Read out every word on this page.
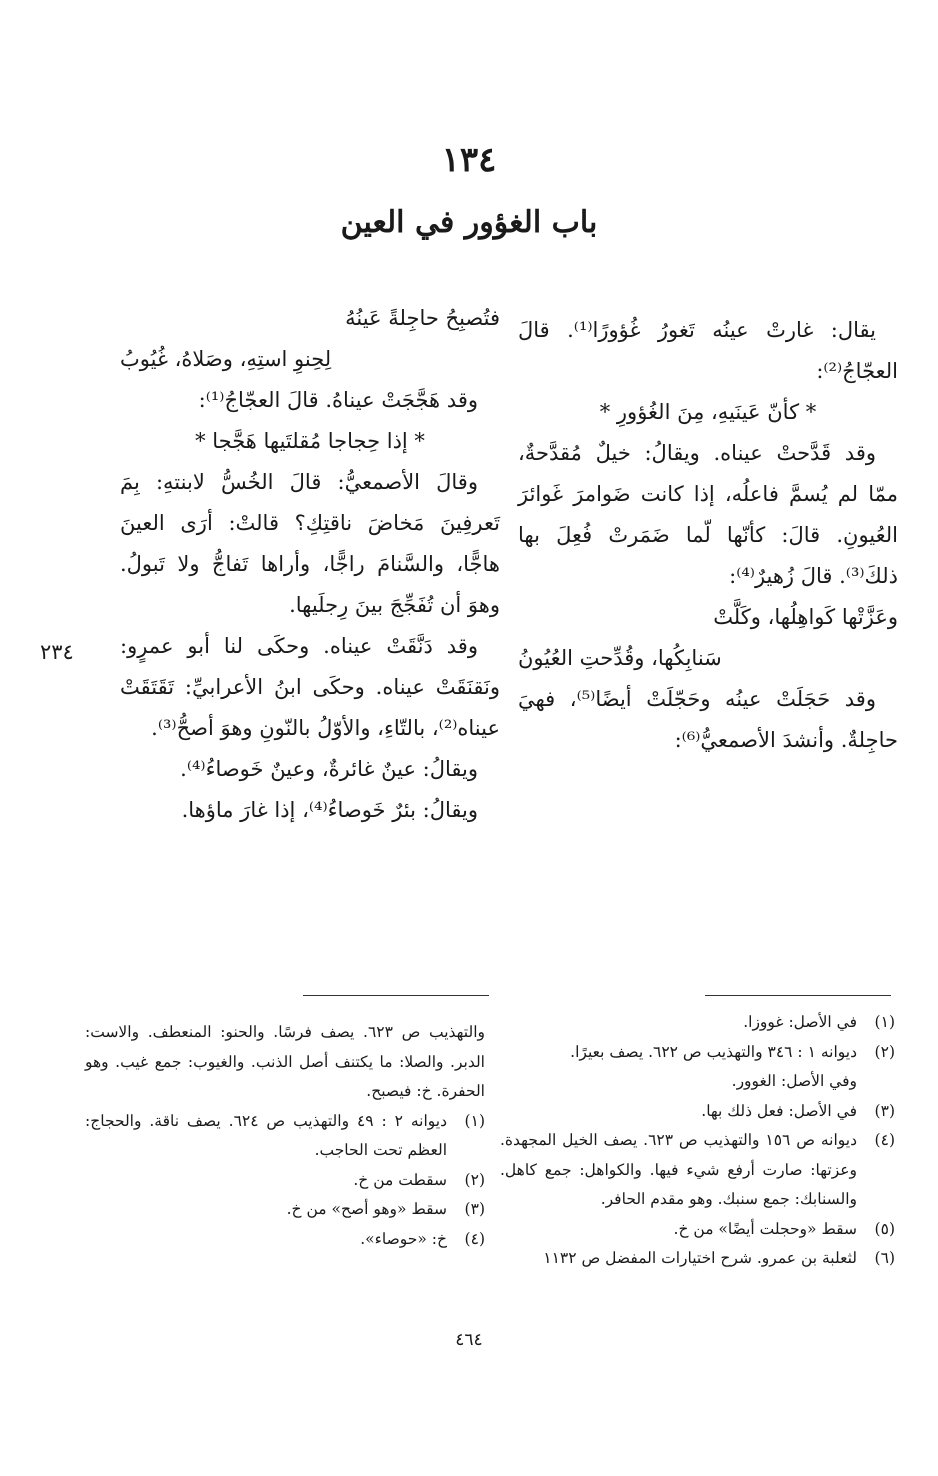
١٣٤
باب الغؤور في العين

يقال: غارتْ عينُه تَغورُ غُؤورًا⁽¹⁾. قالَ العجّاجُ⁽²⁾:

* كأنّ عَينَيهِ، مِنَ الغُؤورِ *

وقد قَدَّحتْ عيناه. ويقالُ: خيلٌ مُقدَّحةٌ، ممّا لم يُسمَّ فاعلُه، إذا كانت ضَوامرَ غَوائرَ العُيونِ. قالَ: كأنّها لّما ضَمَرتْ فُعِلَ بها ذلكَ⁽³⁾. قالَ زُهيرٌ⁽⁴⁾:

وعَزَّتْها كَواهِلُها، وكَلَّتْ
سَنابِكُها، وقُدِّحتِ العُيُونُ

وقد حَجَلَتْ عينُه وحَجّلَتْ أيضًا⁽⁵⁾، فهيَ حاجِلةٌ. وأنشدَ الأصمعيُّ⁽⁶⁾:

فتُصبِحُ حاجِلةً عَينُهُ
لِحِنوِ استِهِ، وصَلاهُ، غُيُوبُ

وقد هَجَّجَتْ عيناهُ. قالَ العجّاجُ⁽¹⁾:

* إذا حِجاجا مُقلتَيها هَجَّجا *

وقالَ الأصمعيُّ: قالَ الخُسُّ لابنتهِ: بِمَ تَعرفِينَ مَخاضَ ناقتِكِ؟ قالتْ: أرَى العينَ هاجًّا، والسَّنامَ راجًّا، وأراها تَفاجُّ ولا تَبولُ. وهوَ أن تُفَجِّجَ بينَ رِجلَيها.

وقد دَنَّقَتْ عيناه. وحكَى لنا أبو عمرٍو: ونَقنَقَتْ عيناه. وحكَى ابنُ الأعرابيِّ: تَقَتَقَتْ عيناه⁽²⁾، بالتّاءِ، والأوّلُ بالنّونِ وهوَ أصحُّ⁽³⁾.

ويقالُ: عينٌ غائرةٌ، وعينٌ خَوصاءُ⁽⁴⁾.

ويقالُ: بئرٌ خَوصاءُ⁽⁴⁾، إذا غارَ ماؤها.

٢٣٤
(١)
في الأصل: غووزا.
(٢)
ديوانه ١ : ٣٤٦ والتهذيب ص ٦٢٢. يصف بعيرًا.
وفي الأصل: الغوور.
(٣)
في الأصل: فعل ذلك بها.
(٤)
ديوانه ص ١٥٦ والتهذيب ص ٦٢٣. يصف الخيل المجهدة. وعزتها: صارت أرفع شيء فيها. والكواهل: جمع كاهل. والسنابك: جمع سنبك. وهو مقدم الحافر.
(٥)
سقط «وحجلت أيضًا» من خ.
(٦)
لثعلبة بن عمرو. شرح اختيارات المفضل ص ١١٣٢
والتهذيب ص ٦٢٣. يصف فرسًا. والحنو: المنعطف. والاست: الدبر. والصلا: ما يكتنف أصل الذنب. والغيوب: جمع غيب. وهو الحفرة. خ: فيصبح.
(١)
ديوانه ٢ : ٤٩ والتهذيب ص ٦٢٤. يصف ناقة. والحجاج: العظم تحت الحاجب.
(٢)
سقطت من خ.
(٣)
سقط «وهو أصح» من خ.
(٤)
خ: «حوصاء».
٤٦٤
